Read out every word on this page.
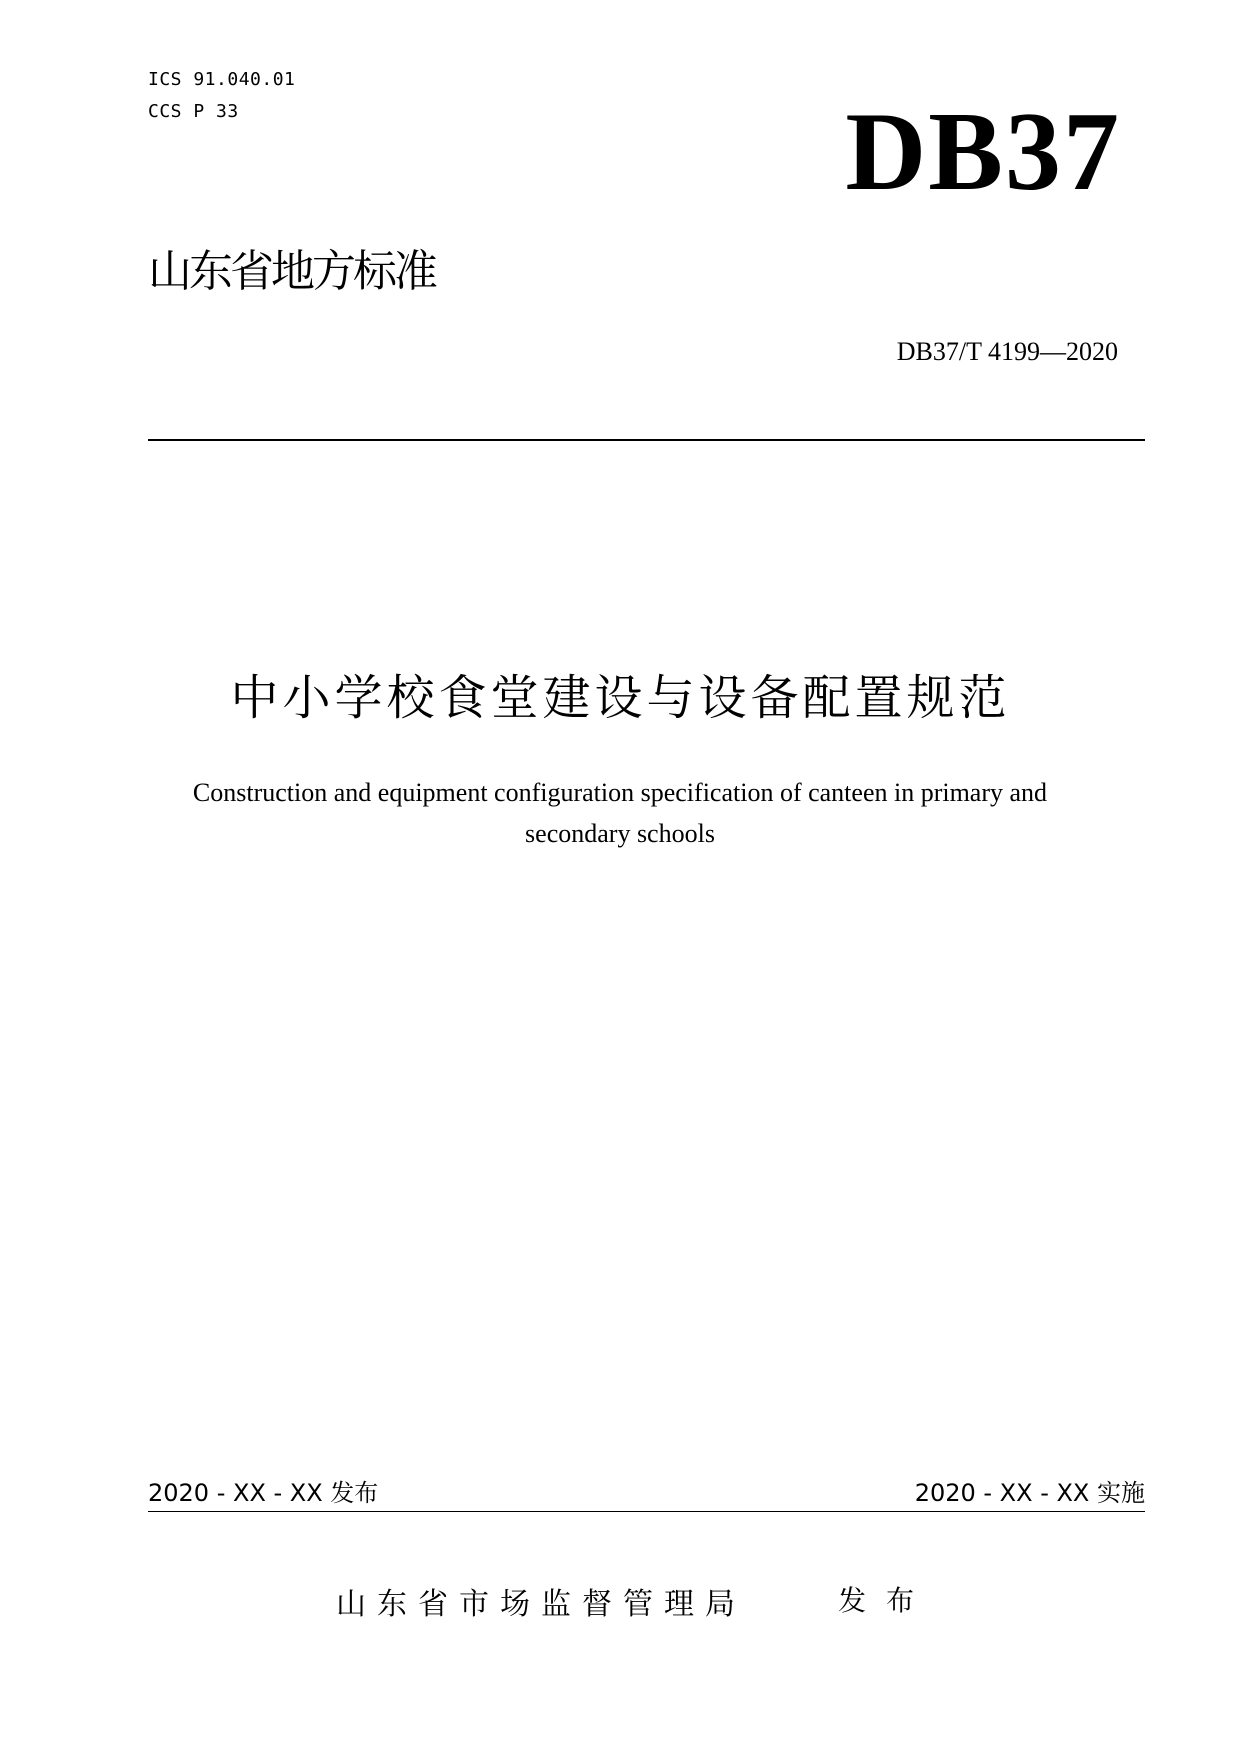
ICS 91.040.01
CCS P 33	DB37
山东省地方标准
DB37/T 4199—2020
中小学校食堂建设与设备配置规范
Construction and equipment configuration specification of canteen in primary and
secondary schools
2020 - XX - XX 发布	2020 - XX - XX 实施
山东省市场监督管理局	发布
